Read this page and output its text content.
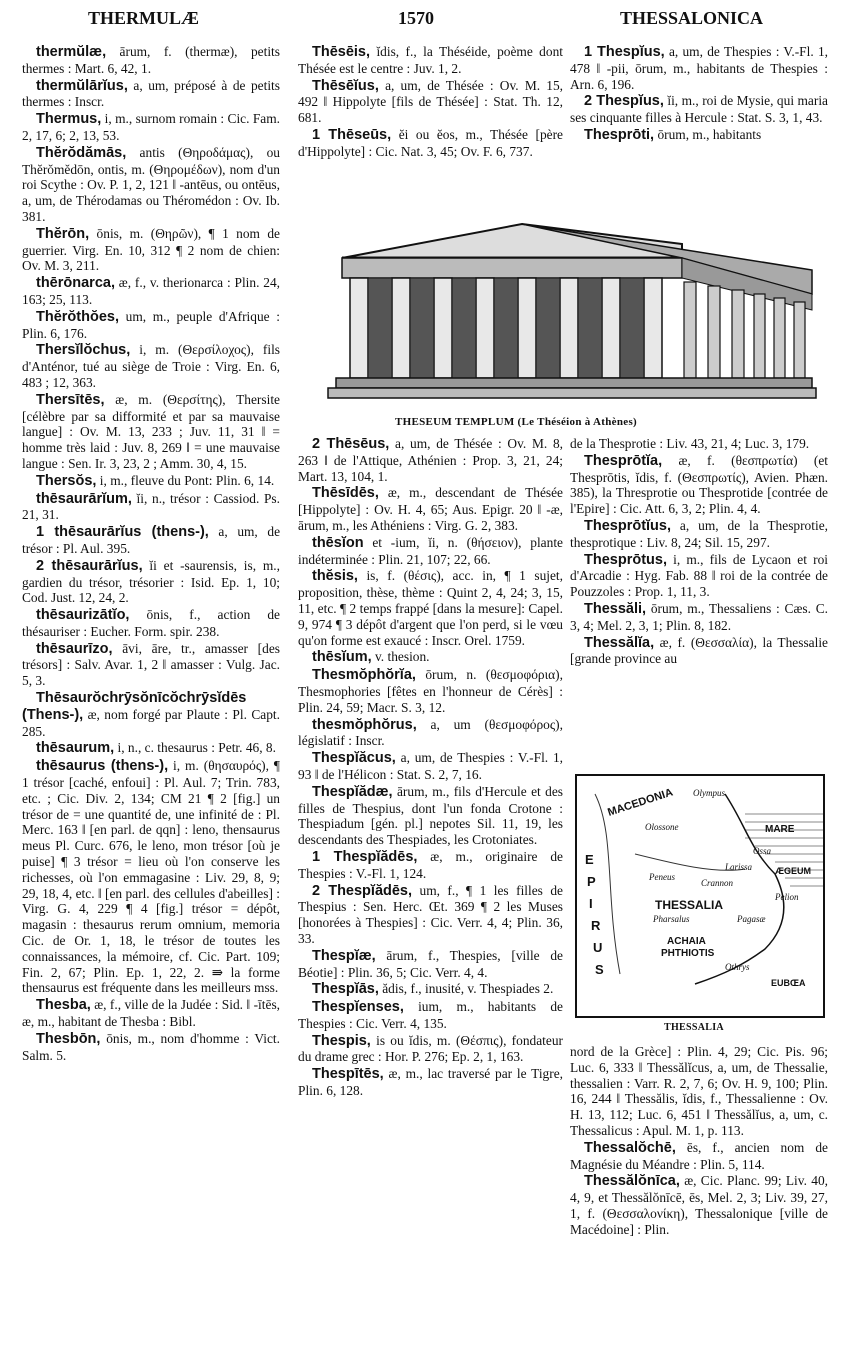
THERMULÆ	1570	THESSALONICA

thermŭlæ, ārum, f. (thermæ), petits thermes : Mart. 6, 42, 1.

thermŭlārĭus, a, um, préposé à de petits thermes : Inscr.

Thermus, i, m., surnom romain : Cic. Fam. 2, 17, 6; 2, 13, 53.

Thĕrŏdămās, antis (Θηροδάμας), ou Thĕrŏmĕdōn, ontis, m. (Θηρομέδων), nom d'un roi Scythe : Ov. P. 1, 2, 121 ‖ -antēus, ou ontēus, a, um, de Thérodamas ou Théromédon : Ov. Ib. 381.

Thĕrōn, ōnis, m. (Θηρῶν), ¶ 1 nom de guerrier. Virg. En. 10, 312 ¶ 2 nom de chien: Ov. M. 3, 211.

thērōnarca, æ, f., v. therionarca : Plin. 24, 163; 25, 113.

Thĕrŏthŏes, um, m., peuple d'Afrique : Plin. 6, 176.

Thersĭlŏchus, i, m. (Θερσίλοχος), fils d'Anténor, tué au siège de Troie : Virg. En. 6, 483 ; 12, 363.

Thersītēs, æ, m. (Θερσίτης), Thersite [célèbre par sa difformité et par sa mauvaise langue] : Ov. M. 13, 233 ; Juv. 11, 31 ‖ = homme très laid : Juv. 8, 269 ‖ = une mauvaise langue : Sen. Ir. 3, 23, 2 ; Amm. 30, 4, 15.

Thersŏs, i, m., fleuve du Pont: Plin. 6, 14.

thēsaurārĭum, ĭi, n., trésor : Cassiod. Ps. 21, 31.

1 thēsaurārĭus (thens-), a, um, de trésor : Pl. Aul. 395.

2 thēsaurārĭus, ĭi et -saurensis, is, m., gardien du trésor, trésorier : Isid. Ep. 1, 10; Cod. Just. 12, 24, 2.

thēsaurizātĭo, ōnis, f., action de thésauriser : Eucher. Form. spir. 238.

thēsaurīzo, āvi, āre, tr., amasser [des trésors] : Salv. Avar. 1, 2 ‖ amasser : Vulg. Jac. 5, 3.

Thēsaurŏchrȳsŏnīcŏchrȳsĭdēs (Thens-), æ, nom forgé par Plaute : Pl. Capt. 285.

thēsaurum, i, n., c. thesaurus : Petr. 46, 8.

thēsaurus (thens-), i, m. (θησαυρός), ¶ 1 trésor [caché, enfoui] : Pl. Aul. 7; Trin. 783, etc. ; Cic. Div. 2, 134; CM 21 ¶ 2 [fig.] un trésor de = une quantité de, une infinité de : Pl. Merc. 163 ‖ [en parl. de qqn] : leno, thensaurus meus Pl. Curc. 676, le leno, mon trésor [où je puise] ¶ 3 trésor = lieu où l'on conserve les richesses, où l'on emmagasine : Liv. 29, 8, 9; 29, 18, 4, etc. ‖ [en parl. des cellules d'abeilles] : Virg. G. 4, 229 ¶ 4 [fig.] trésor = dépôt, magasin : thesaurus rerum omnium, memoria Cic. de Or. 1, 18, le trésor de toutes les connaissances, la mémoire, cf. Cic. Part. 109; Fin. 2, 67; Plin. Ep. 1, 22, 2. ⇛ la forme thensaurus est fréquente dans les meilleurs mss.

Thesba, æ, f., ville de la Judée : Sid. ‖ -ītēs, æ, m., habitant de Thesba : Bibl.

Thesbōn, ōnis, m., nom d'homme : Vict. Salm. 5.

Thēsēis, ĭdis, f., la Théséide, poème dont Thésée est le centre : Juv. 1, 2.

Thēsēĭus, a, um, de Thésée : Ov. M. 15, 492 ‖ Hippolyte [fils de Thésée] : Stat. Th. 12, 681.

1 Thēseūs, ĕi ou ĕos, m., Thésée [père d'Hippolyte] : Cic. Nat. 3, 45; Ov. F. 6, 737.

THESEUM TEMPLUM (Le Théséion à Athènes)

2 Thēsēus, a, um, de Thésée : Ov. M. 8, 263 ‖ de l'Attique, Athénien : Prop. 3, 21, 24; Mart. 13, 104, 1.

Thēsīdēs, æ, m., descendant de Thésée [Hippolyte] : Ov. H. 4, 65; Aus. Epigr. 20 ‖ -æ, ārum, m., les Athéniens : Virg. G. 2, 383.

thēsĭon et -ium, ĭi, n. (θήσειον), plante indéterminée : Plin. 21, 107; 22, 66.

thĕsis, is, f. (θέσις), acc. in, ¶ 1 sujet, proposition, thèse, thème : Quint 2, 4, 24; 3, 15, 11, etc. ¶ 2 temps frappé [dans la mesure]: Capel. 9, 974 ¶ 3 dépôt d'argent que l'on perd, si le vœu qu'on forme est exaucé : Inscr. Orel. 1759.

thēsĭum, v. thesion.

Thesmŏphŏrĭa, ōrum, n. (θεσμοφόρια), Thesmophories [fêtes en l'honneur de Cérès] : Plin. 24, 59; Macr. S. 3, 12.

thesmŏphŏrus, a, um (θεσμοφόρος), législatif : Inscr.

Thespĭăcus, a, um, de Thespies : V.-Fl. 1, 93 ‖ de l'Hélicon : Stat. S. 2, 7, 16.

Thespĭădæ, ārum, m., fils d'Hercule et des filles de Thespius, dont l'un fonda Crotone : Thespiadum [gén. pl.] nepotes Sil. 11, 19, les descendants des Thespiades, les Crotoniates.

1 Thespĭădēs, æ, m., originaire de Thespies : V.-Fl. 1, 124.

2 Thespĭădēs, um, f., ¶ 1 les filles de Thespius : Sen. Herc. Œt. 369 ¶ 2 les Muses [honorées à Thespies] : Cic. Verr. 4, 4; Plin. 36, 33.

Thespĭæ, ārum, f., Thespies, [ville de Béotie] : Plin. 36, 5; Cic. Verr. 4, 4.

Thespĭās, ădis, f., inusité, v. Thespiades 2.

Thespĭenses, ium, m., habitants de Thespies : Cic. Verr. 4, 135.

Thespis, is ou ĭdis, m. (Θέσπις), fondateur du drame grec : Hor. P. 276; Ep. 2, 1, 163.

Thespītēs, æ, m., lac traversé par le Tigre, Plin. 6, 128.

1 Thespĭus, a, um, de Thespies : V.-Fl. 1, 478 ‖ -pii, ōrum, m., habitants de Thespies : Arn. 6, 196.

2 Thespĭus, ĭi, m., roi de Mysie, qui maria ses cinquante filles à Hercule : Stat. S. 3, 1, 43.

Thesprōti, ōrum, m., habitants

de la Thesprotie : Liv. 43, 21, 4; Luc. 3, 179.

Thesprōtĭa, æ, f. (θεσπρωτία) (et Thesprōtis, ĭdis, f. (Θεσπρωτίς), Avien. Phæn. 385), la Thresprotie ou Thesprotide [contrée de l'Epire] : Cic. Att. 6, 3, 2; Plin. 4, 4.

Thesprōtĭus, a, um, de la Thesprotie, thesprotique : Liv. 8, 24; Sil. 15, 297.

Thesprōtus, i, m., fils de Lycaon et roi d'Arcadie : Hyg. Fab. 88 ‖ roi de la contrée de Pouzzoles : Prop. 1, 11, 3.

Thessăli, ōrum, m., Thessaliens : Cæs. C. 3, 4; Mel. 2, 3, 1; Plin. 8, 182.

Thessălĭa, æ, f. (Θεσσαλία), la Thessalie [grande province au

MACEDONIA
MARE
ÆGEUM
THESSALIA
ACHAIA
PHTHIOTIS
EUBŒA
E
P
I
R
U
S
Olympus
Olossone
Ossa
Larissa
Peneus
Crannon
Pelion
Pharsalus	Pagasæ
Othrys
THESSALIA

nord de la Grèce] : Plin. 4, 29; Cic. Pis. 96; Luc. 6, 333 ‖ Thessălĭcus, a, um, de Thessalie, thessalien : Varr. R. 2, 7, 6; Ov. H. 9, 100; Plin. 16, 244 ‖ Thessălis, ĭdis, f., Thessalienne : Ov. H. 13, 112; Luc. 6, 451 ‖ Thessălĭus, a, um, c. Thessalicus : Apul. M. 1, p. 113.

Thessalŏchē, ēs, f., ancien nom de Magnésie du Méandre : Plin. 5, 114.

Thessălŏnīca, æ, Cic. Planc. 99; Liv. 40, 4, 9, et Thessălŏnīcē, ēs, Mel. 2, 3; Liv. 39, 27, 1, f. (Θεσσαλονίκη), Thessalonique [ville de Macédoine] : Plin.
